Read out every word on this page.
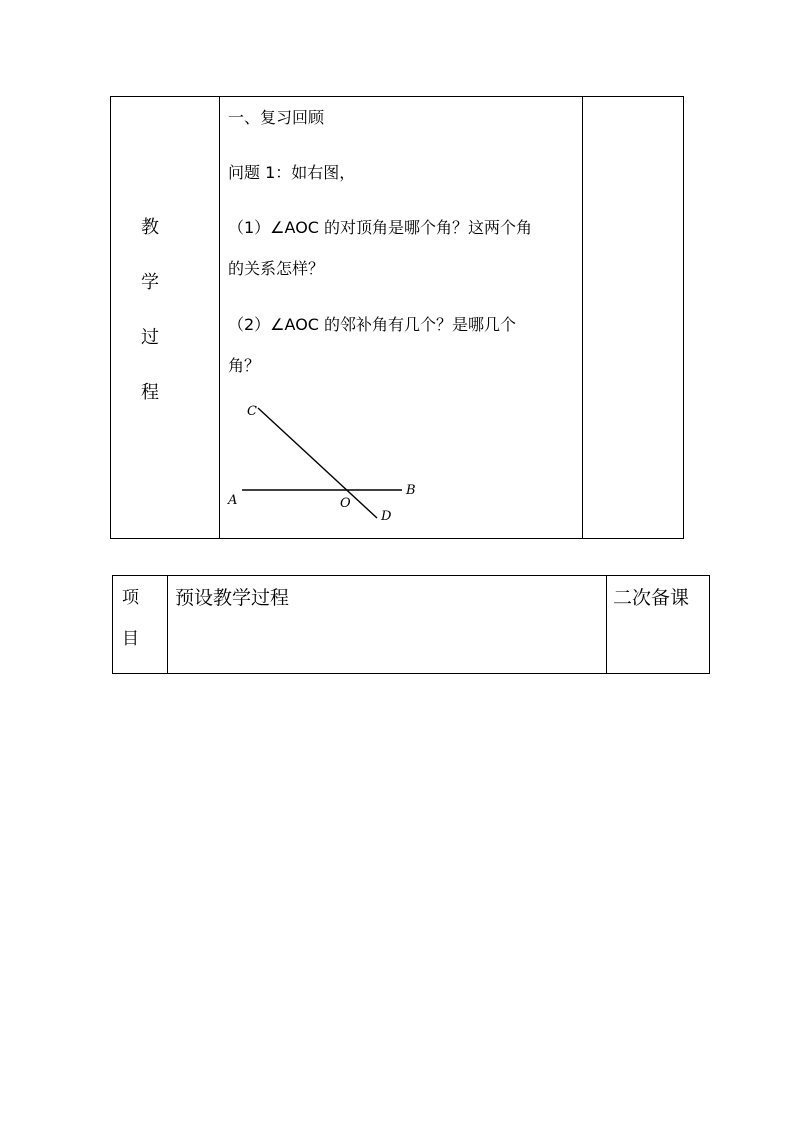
教
学
过
程
一、复习回顾
问题 1：如右图，
（1）∠AOC 的对顶角是哪个角？这两个角
的关系怎样？
（2）∠AOC 的邻补角有几个？是哪几个
角？
C
A	O
B
D
项
目
预设教学过程	二次备课
